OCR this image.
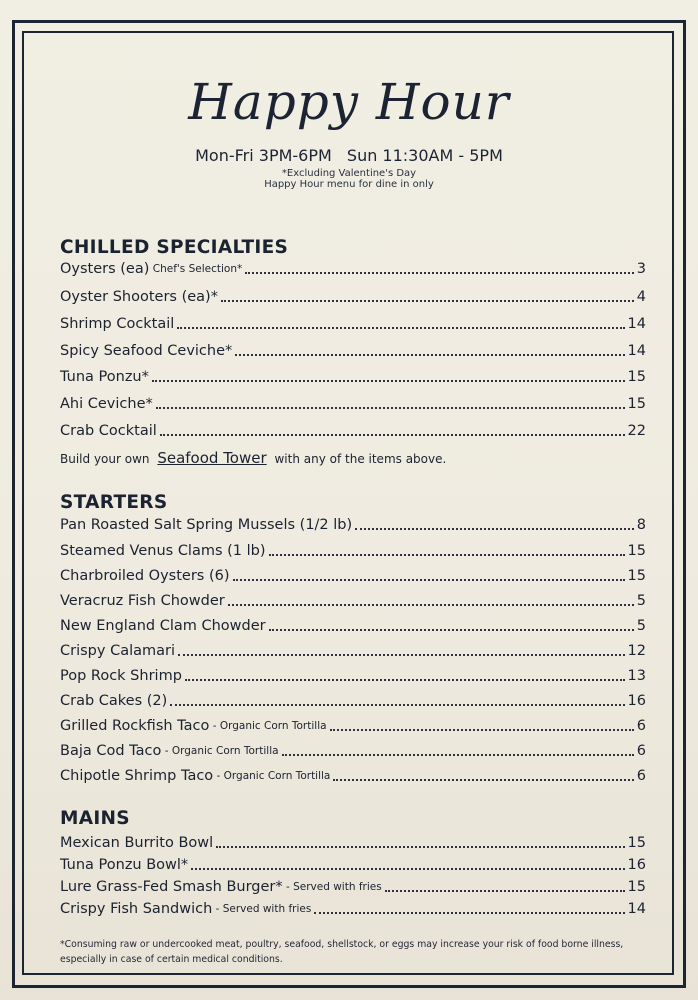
Happy Hour
Mon-Fri 3PM-6PM Sun 11:30AM - 5PM
*Excluding Valentine's Day
Happy Hour menu for dine in only
CHILLED SPECIALTIES
Oysters (ea) Chef's Selection*	3
Oyster Shooters (ea)*	4
Shrimp Cocktail	14
Spicy Seafood Ceviche*	14
Tuna Ponzu*	15
Ahi Ceviche*	15
Crab Cocktail	22
Build your own Seafood Tower with any of the items above.
STARTERS
Pan Roasted Salt Spring Mussels (1/2 lb)	8
Steamed Venus Clams (1 lb)	15
Charbroiled Oysters (6)	15
Veracruz Fish Chowder	5
New England Clam Chowder	5
Crispy Calamari	12
Pop Rock Shrimp	13
Crab Cakes (2)	16
Grilled Rockfish Taco - Organic Corn Tortilla	6
Baja Cod Taco - Organic Corn Tortilla	6
Chipotle Shrimp Taco - Organic Corn Tortilla	6
MAINS
Mexican Burrito Bowl	15
Tuna Ponzu Bowl*	16
Lure Grass-Fed Smash Burger* - Served with fries	15
Crispy Fish Sandwich - Served with fries	14
*Consuming raw or undercooked meat, poultry, seafood, shellstock, or eggs may increase your risk of food borne illness, especially in case of certain medical conditions.
